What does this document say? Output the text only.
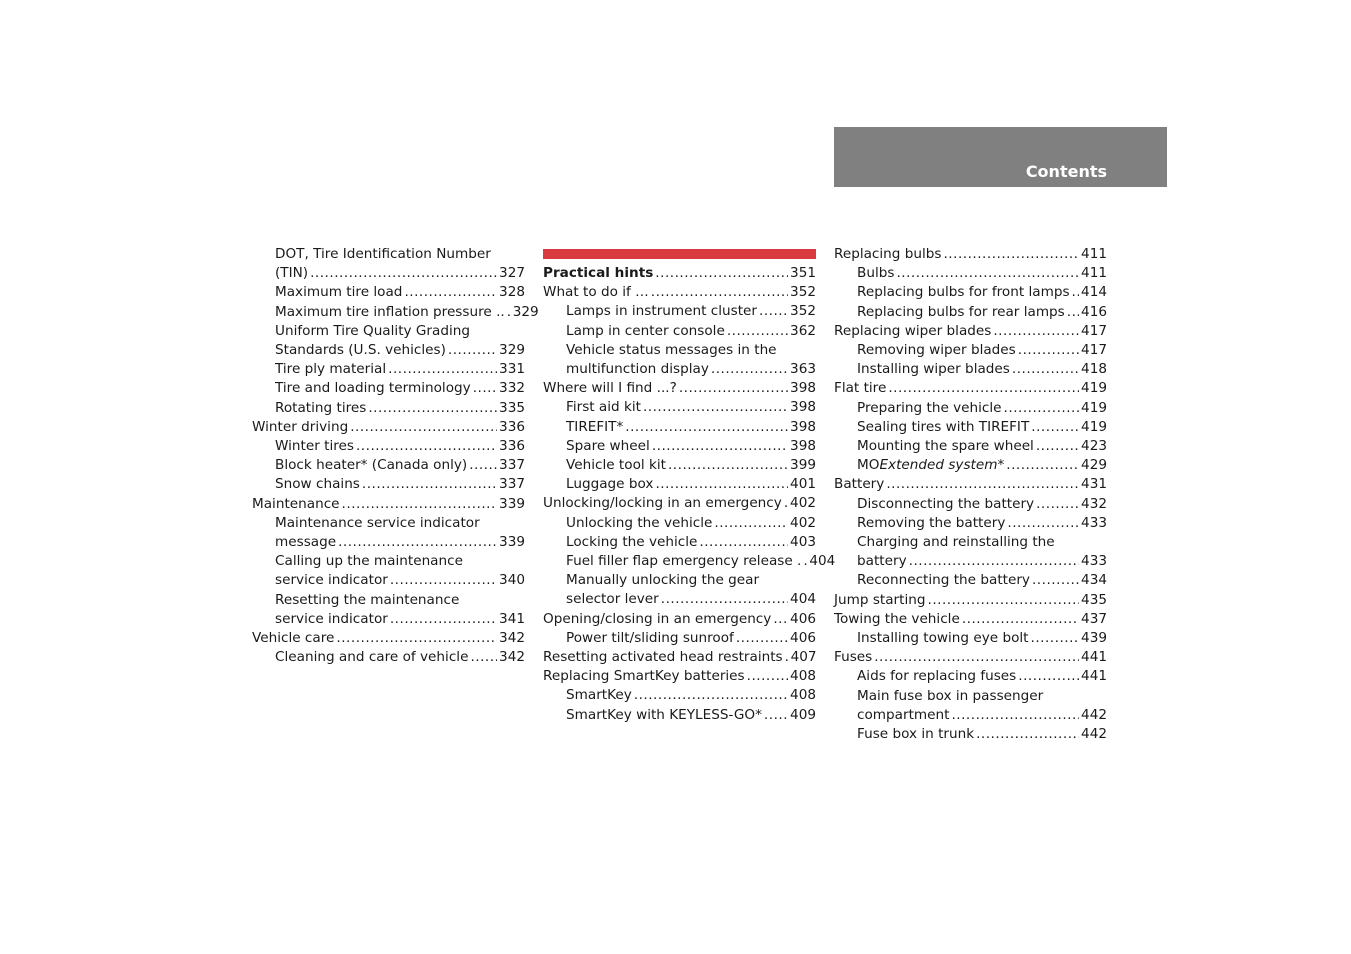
Contents
DOT, Tire Identification Number
(TIN) .....	327
Maximum tire load .....	328
Maximum tire inflation pressure .. ..... 329
Uniform Tire Quality Grading
Standards (U.S. vehicles) .....	329
Tire ply material .....	331
Tire and loading terminology ..... 332
Rotating tires .....	335
Winter driving .....	336
Winter tires .....	336
Block heater* (Canada only) ..... 337
Snow chains .....	337
Maintenance .....	339
Maintenance service indicator
message .....	339
Calling up the maintenance
service indicator .....	340
Resetting the maintenance
service indicator .....	341
Vehicle care .....	342
Cleaning and care of vehicle ..... 342
Practical hints .....	351
What to do if … .....	352
Lamps in instrument cluster ..... 352
Lamp in center console .....	362
Vehicle status messages in the
multifunction display .....	363
Where will I find ...? .....	398
First aid kit .....	398
TIREFIT* .....	398
Spare wheel .....	398
Vehicle tool kit .....	399
Luggage box .....	401
Unlocking/locking in an emergency ..... 402
Unlocking the vehicle .....	402
Locking the vehicle .....	403
Fuel filler flap emergency release . ..... 404
Manually unlocking the gear
selector lever .....	404
Opening/closing in an emergency ..... 406
Power tilt/sliding sunroof .....	406
Resetting activated head restraints ..... 407
Replacing SmartKey batteries .....	408
SmartKey .....	408
SmartKey with KEYLESS-GO* ..... 409
Replacing bulbs .....	411
Bulbs .....	411
Replacing bulbs for front lamps ..... 414
Replacing bulbs for rear lamps ..... 416
Replacing wiper blades .....	417
Removing wiper blades .....	417
Installing wiper blades .....	418
Flat tire .....	419
Preparing the vehicle .....	419
Sealing tires with TIREFIT .....	419
Mounting the spare wheel .....	423
MOExtended system* .....	429
Battery .....	431
Disconnecting the battery .....	432
Removing the battery .....	433
Charging and reinstalling the
battery .....	433
Reconnecting the battery .....	434
Jump starting .....	435
Towing the vehicle .....	437
Installing towing eye bolt .....	439
Fuses .....	441
Aids for replacing fuses .....	441
Main fuse box in passenger
compartment .....	442
Fuse box in trunk .....	442
